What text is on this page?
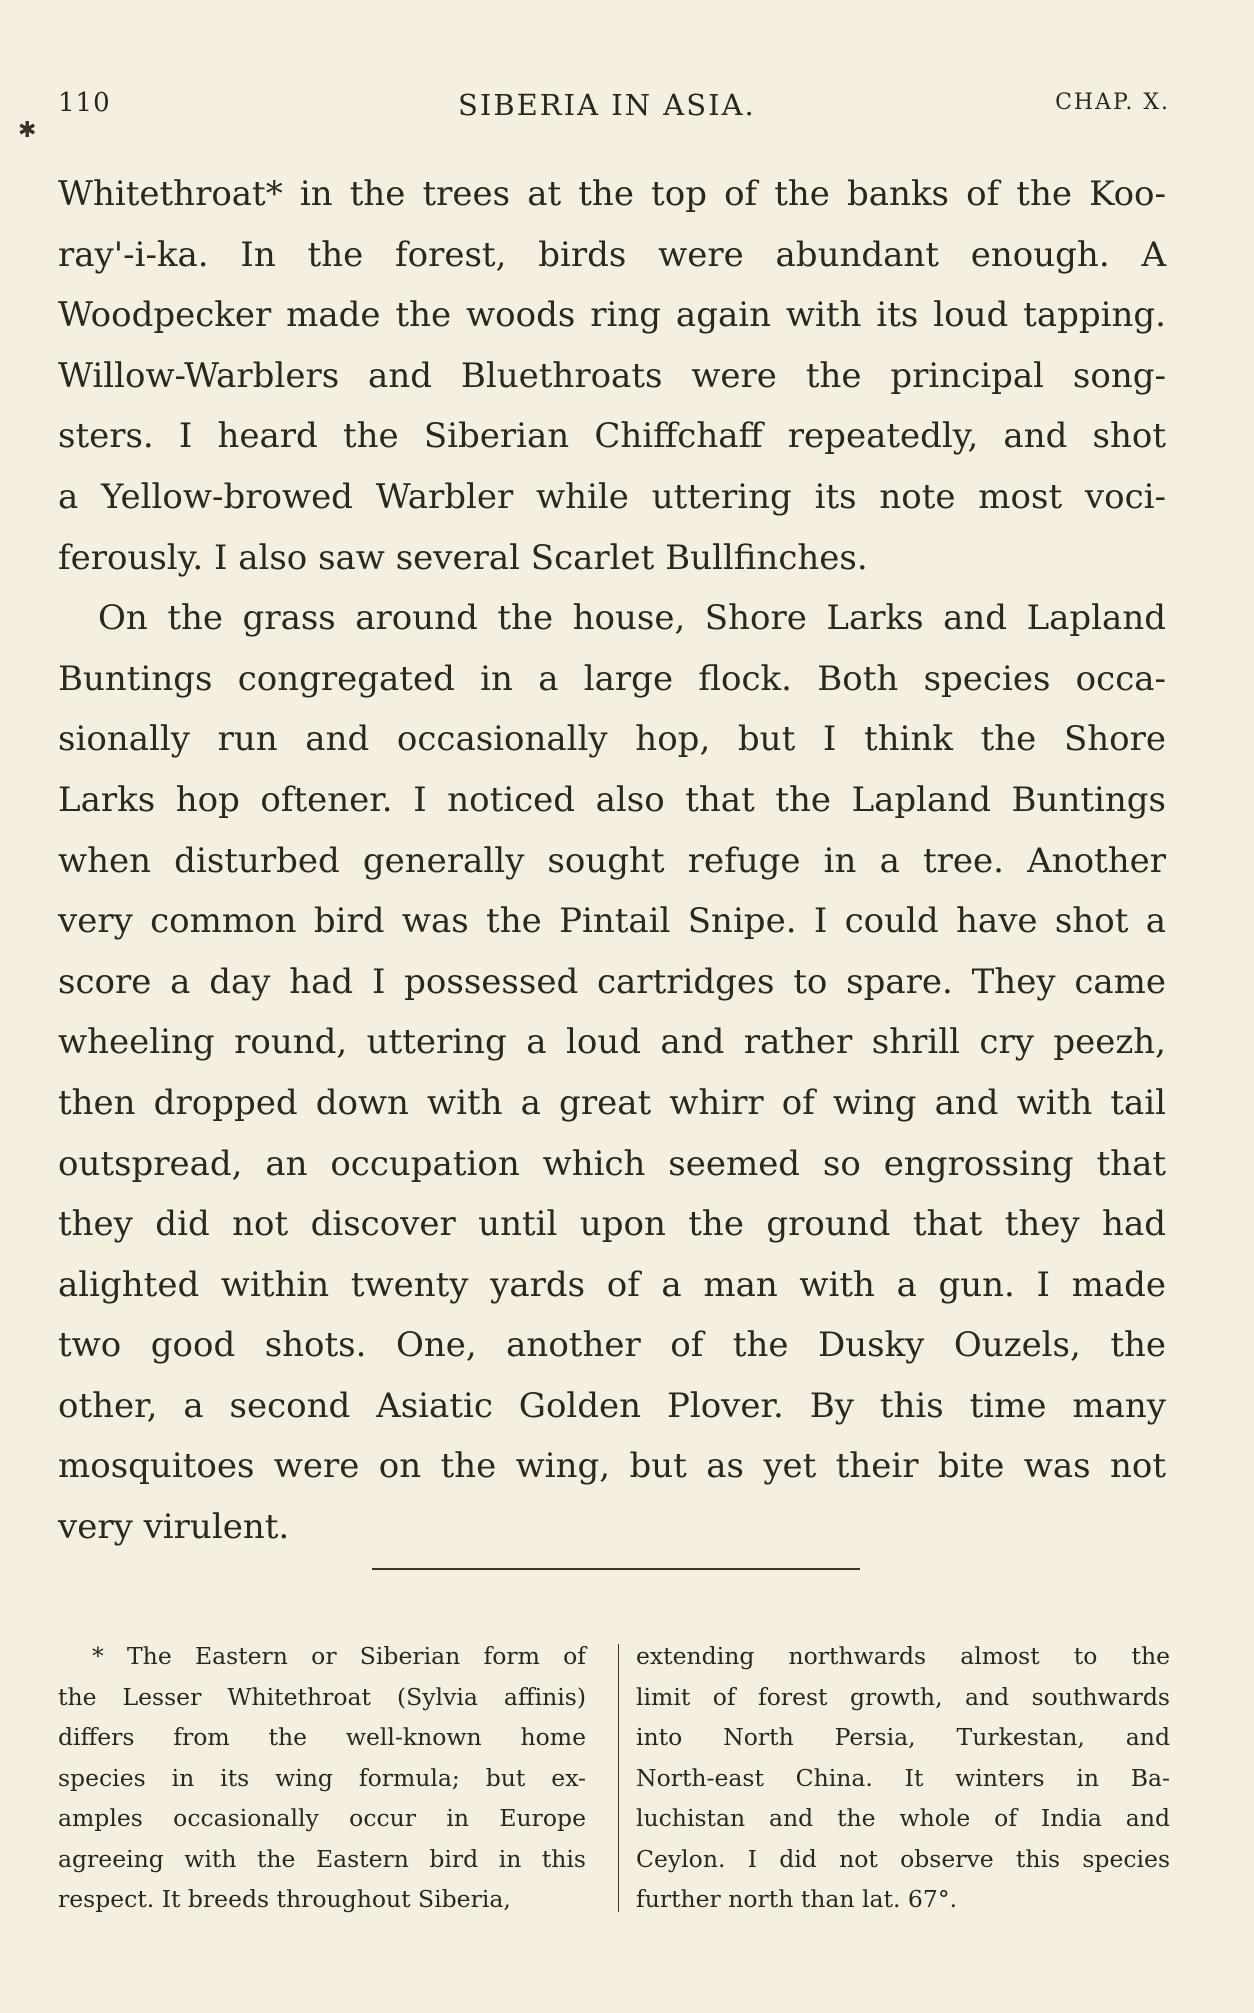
✱
110	SIBERIA IN ASIA.	CHAP. X.
Whitethroat* in the trees at the top of the banks of the Koo-
ray'-i-ka. In the forest, birds were abundant enough. A
Woodpecker made the woods ring again with its loud tapping.
Willow-Warblers and Bluethroats were the principal song-
sters. I heard the Siberian Chiffchaff repeatedly, and shot
a Yellow-browed Warbler while uttering its note most voci-
ferously. I also saw several Scarlet Bullfinches.
On the grass around the house, Shore Larks and Lapland
Buntings congregated in a large flock. Both species occa-
sionally run and occasionally hop, but I think the Shore
Larks hop oftener. I noticed also that the Lapland Buntings
when disturbed generally sought refuge in a tree. Another
very common bird was the Pintail Snipe. I could have shot a
score a day had I possessed cartridges to spare. They came
wheeling round, uttering a loud and rather shrill cry peezh,
then dropped down with a great whirr of wing and with tail
outspread, an occupation which seemed so engrossing that
they did not discover until upon the ground that they had
alighted within twenty yards of a man with a gun. I made
two good shots. One, another of the Dusky Ouzels, the
other, a second Asiatic Golden Plover. By this time many
mosquitoes were on the wing, but as yet their bite was not
very virulent.
* The Eastern or Siberian form of
the Lesser Whitethroat (Sylvia affinis)
differs from the well-known home
species in its wing formula; but ex-
amples occasionally occur in Europe
agreeing with the Eastern bird in this
respect. It breeds throughout Siberia,
extending northwards almost to the
limit of forest growth, and southwards
into North Persia, Turkestan, and
North-east China. It winters in Ba-
luchistan and the whole of India and
Ceylon. I did not observe this species
further north than lat. 67°.
